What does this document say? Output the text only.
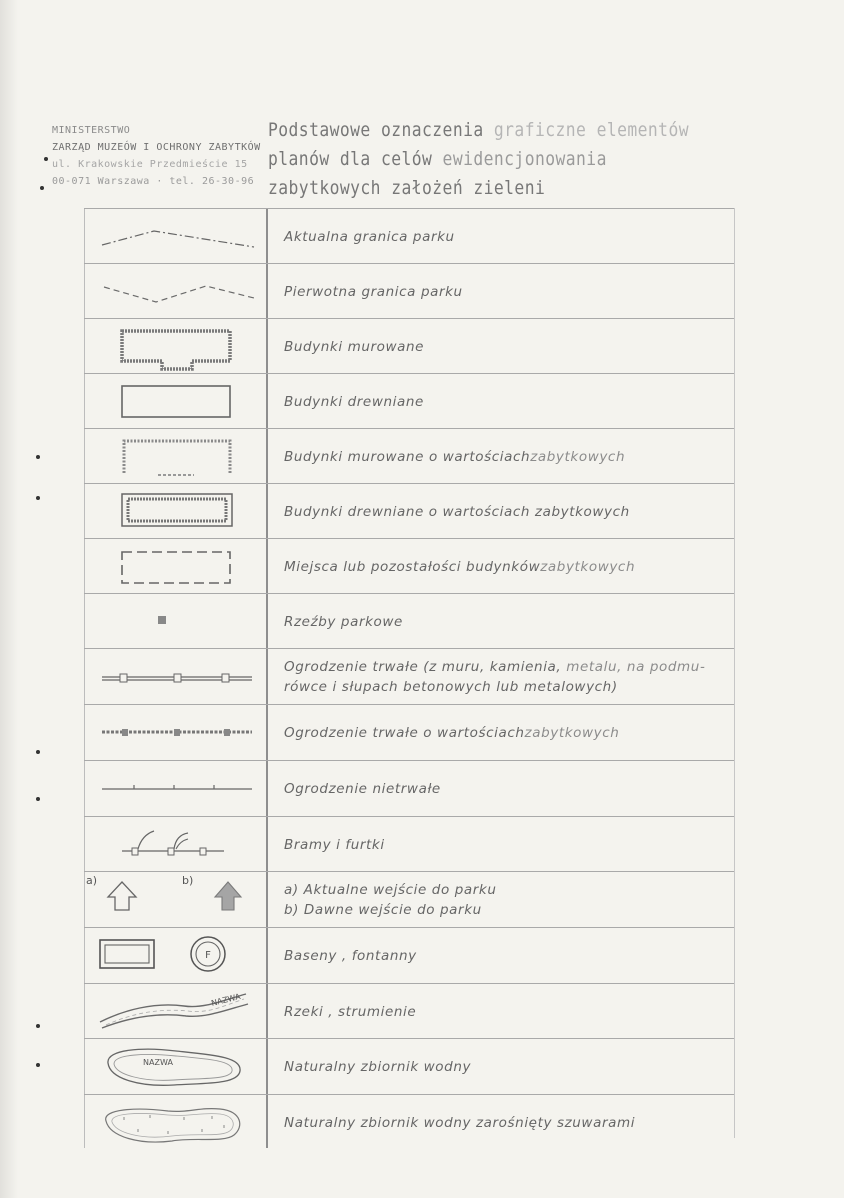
MINISTERSTWO
ZARZĄD MUZEÓW I OCHRONY ZABYTKÓW
ul. Krakowskie Przedmieście 15
00-071 Warszawa · tel. 26-30-96
Podstawowe oznaczenia graficzne elementów
planów dla celów ewidencjonowania
zabytkowych założeń zieleni
Aktualna granica parku
Pierwotna granica parku
Budynki murowane
Budynki drewniane
Budynki murowane o wartościach zabytkowych
Budynki drewniane o wartościach zabytkowych
Miejsca lub pozostałości budynków zabytkowych
Rzeźby parkowe
Ogrodzenie trwałe (z muru, kamienia, metalu, na podmu-
rówce i słupach betonowych lub metalowych)
Ogrodzenie trwałe o wartościach zabytkowych
Ogrodzenie nietrwałe
Bramy i furtki
a)	b)
a) Aktualne wejście do parku
b) Dawne wejście do parku
F	Baseny , fontanny
NAZWA
Rzeki , strumienie
NAZWA	Naturalny zbiornik wodny
Naturalny zbiornik wodny zarośnięty szuwarami
